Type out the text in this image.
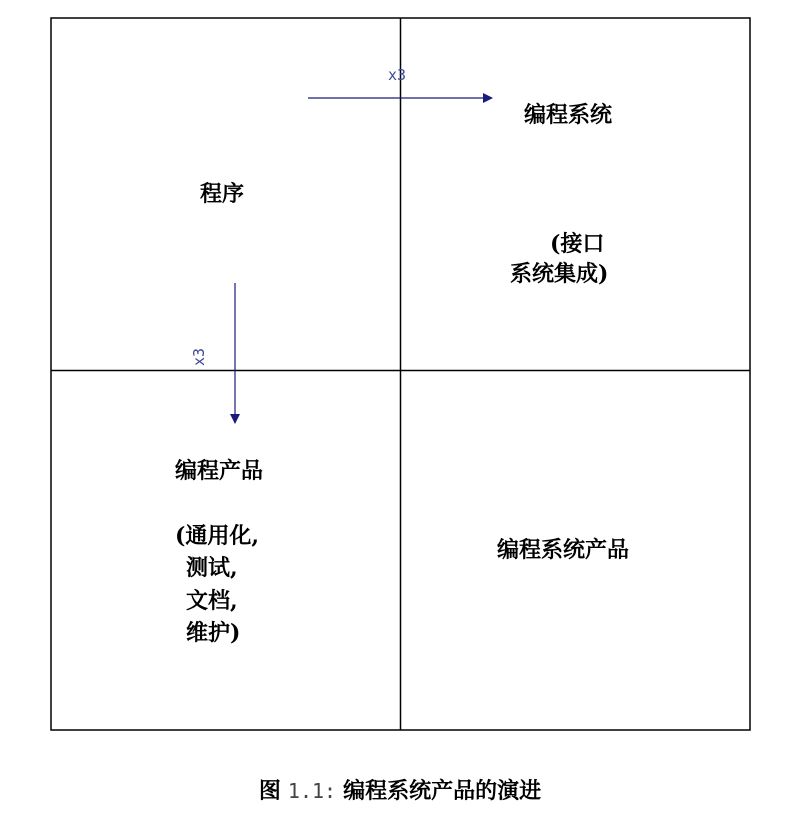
x3
x3
程序
编程系统
(接口
系统集成)
编程产品
(通用化,
测试,
文档,
维护)
编程系统产品
图 1.1: 编程系统产品的演进
